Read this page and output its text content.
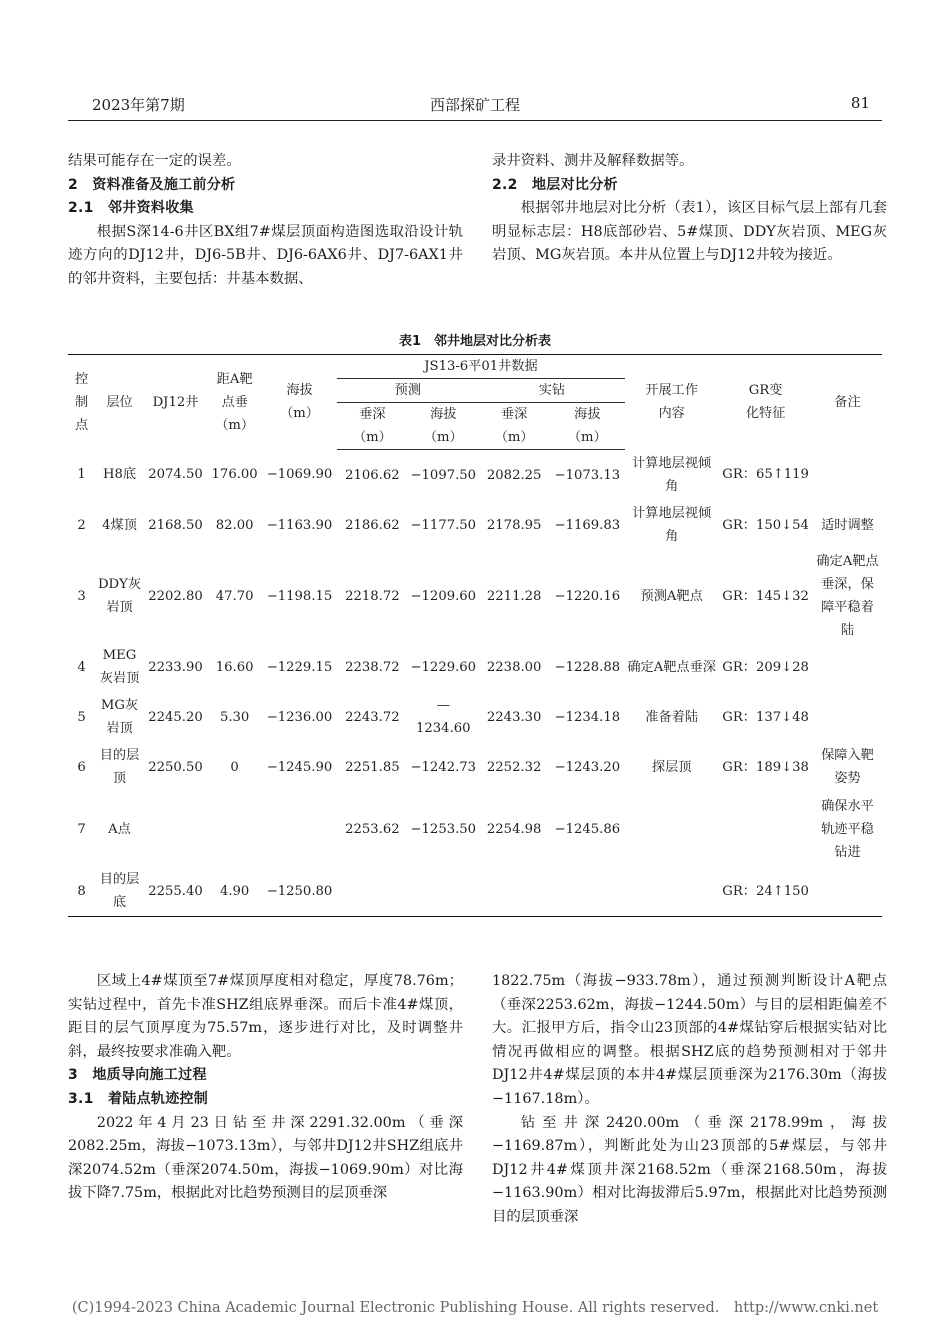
2023年第7期	西部探矿工程	81

结果可能存在一定的误差。

2　资料准备及施工前分析

2.1　邻井资料收集

根据S深14-6井区BX组7#煤层顶面构造图选取沿设计轨迹方向的DJ12井，DJ6-5B井、DJ6-6AX6井、DJ7-6AX1井的邻井资料，主要包括：井基本数据、

录井资料、测井及解释数据等。

2.2　地层对比分析

根据邻井地层对比分析（表1），该区目标气层上部有几套明显标志层：H8底部砂岩、5#煤顶、DDY灰岩顶、MEG灰岩顶、MG灰岩顶。本井从位置上与DJ12井较为接近。

表1　邻井地层对比分析表
控制点	层位	DJ12井	距A靶点垂（m）	海拔（m）	JS13-6平01井数据				开展工作内容	GR变化特征	备注
					预测		实钻				
					垂深（m）	海拔（m）	垂深（m）	海拔（m）			
1	H8底	2074.50	176.00	−1069.90	2106.62	−1097.50	2082.25	−1073.13	计算地层视倾角	GR：65↑119	
2	4煤顶	2168.50	82.00	−1163.90	2186.62	−1177.50	2178.95	−1169.83	计算地层视倾角	GR：150↓54	适时调整
3	DDY灰岩顶	2202.80	47.70	−1198.15	2218.72	−1209.60	2211.28	−1220.16	预测A靶点	GR：145↓32	确定A靶点垂深，保障平稳着陆
4	MEG灰岩顶	2233.90	16.60	−1229.15	2238.72	−1229.60	2238.00	−1228.88	确定A靶点垂深	GR：209↓28	
5	MG灰岩顶	2245.20	5.30	−1236.00	2243.72	—1234.60	2243.30	−1234.18	准备着陆	GR：137↓48	
6	目的层顶	2250.50	0	−1245.90	2251.85	−1242.73	2252.32	−1243.20	探层顶	GR：189↓38	保障入靶姿势
7	A点				2253.62	−1253.50	2254.98	−1245.86			确保水平轨迹平稳钻进
8	目的层底	2255.40	4.90	−1250.80						GR：24↑150	

区域上4#煤顶至7#煤顶厚度相对稳定，厚度78.76m；实钻过程中，首先卡准SHZ组底界垂深。而后卡准4#煤顶，距目的层气顶厚度为75.57m，逐步进行对比，及时调整井斜，最终按要求准确入靶。

3　地质导向施工过程

3.1　着陆点轨迹控制

2022年4月23日钻至井深2291.32.00m（垂深2082.25m，海拔−1073.13m），与邻井DJ12井SHZ组底井深2074.52m（垂深2074.50m，海拔−1069.90m）对比海拔下降7.75m，根据此对比趋势预测目的层顶垂深

1822.75m（海拔−933.78m），通过预测判断设计A靶点（垂深2253.62m，海拔−1244.50m）与目的层相距偏差不大。汇报甲方后，指令山23顶部的4#煤钻穿后根据实钻对比情况再做相应的调整。根据SHZ底的趋势预测相对于邻井DJ12井4#煤层顶的本井4#煤层顶垂深为2176.30m（海拔−1167.18m）。

钻至井深2420.00m（垂深2178.99m，海拔−1169.87m），判断此处为山23顶部的5#煤层，与邻井DJ12井4#煤顶井深2168.52m（垂深2168.50m，海拔−1163.90m）相对比海拔滞后5.97m，根据此对比趋势预测目的层顶垂深

(C)1994-2023 China Academic Journal Electronic Publishing House. All rights reserved.　http://www.cnki.net
